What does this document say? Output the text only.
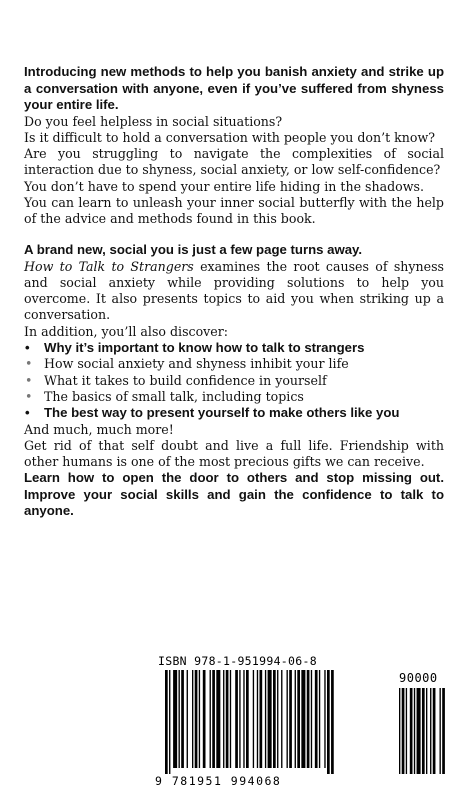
Introducing new methods to help you banish anxiety and strike up a conversation with anyone, even if you’ve suffered from shyness your entire life.

Do you feel helpless in social situations?

Is it difficult to hold a conversation with people you don’t know?

Are you struggling to navigate the complexities of social interaction due to shyness, social anxiety, or low self-confidence?

You don’t have to spend your entire life hiding in the shadows.

You can learn to unleash your inner social butterfly with the help of the advice and methods found in this book.

A brand new, social you is just a few page turns away.

How to Talk to Strangers examines the root causes of shyness and social anxiety while providing solutions to help you overcome. It also presents topics to aid you when striking up a conversation.

In addition, you’ll also discover:

• Why it’s important to know how to talk to strangers
• How social anxiety and shyness inhibit your life
• What it takes to build confidence in yourself
• The basics of small talk, including topics
• The best way to present yourself to make others like you

And much, much more!

Get rid of that self doubt and live a full life. Friendship with other humans is one of the most precious gifts we can receive.

Learn how to open the door to others and stop missing out. Improve your social skills and gain the confidence to talk to anyone.

ISBN 978-1-951994-06-8
90000
9 781951 994068
